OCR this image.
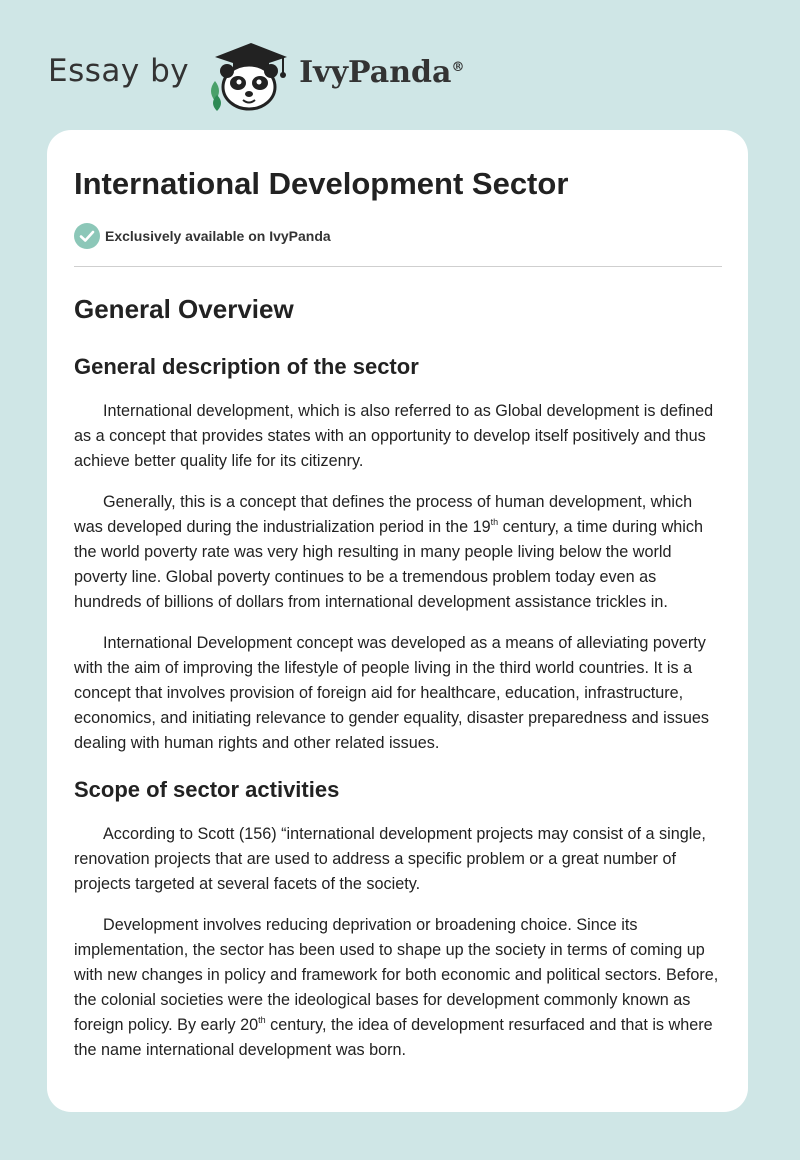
Essay by	IvyPanda®
International Development Sector
Exclusively available on IvyPanda
General Overview
General description of the sector

International development, which is also referred to as Global development is defined as a concept that provides states with an opportunity to develop itself positively and thus achieve better quality life for its citizenry.

Generally, this is a concept that defines the process of human development, which was developed during the industrialization period in the 19th century, a time during which the world poverty rate was very high resulting in many people living below the world poverty line. Global poverty continues to be a tremendous problem today even as hundreds of billions of dollars from international development assistance trickles in.

International Development concept was developed as a means of alleviating poverty with the aim of improving the lifestyle of people living in the third world countries. It is a concept that involves provision of foreign aid for healthcare, education, infrastructure, economics, and initiating relevance to gender equality, disaster preparedness and issues dealing with human rights and other related issues.

Scope of sector activities

According to Scott (156) “international development projects may consist of a single, renovation projects that are used to address a specific problem or a great number of projects targeted at several facets of the society.

Development involves reducing deprivation or broadening choice. Since its implementation, the sector has been used to shape up the society in terms of coming up with new changes in policy and framework for both economic and political sectors. Before, the colonial societies were the ideological bases for development commonly known as foreign policy. By early 20th century, the idea of development resurfaced and that is where the name international development was born.
